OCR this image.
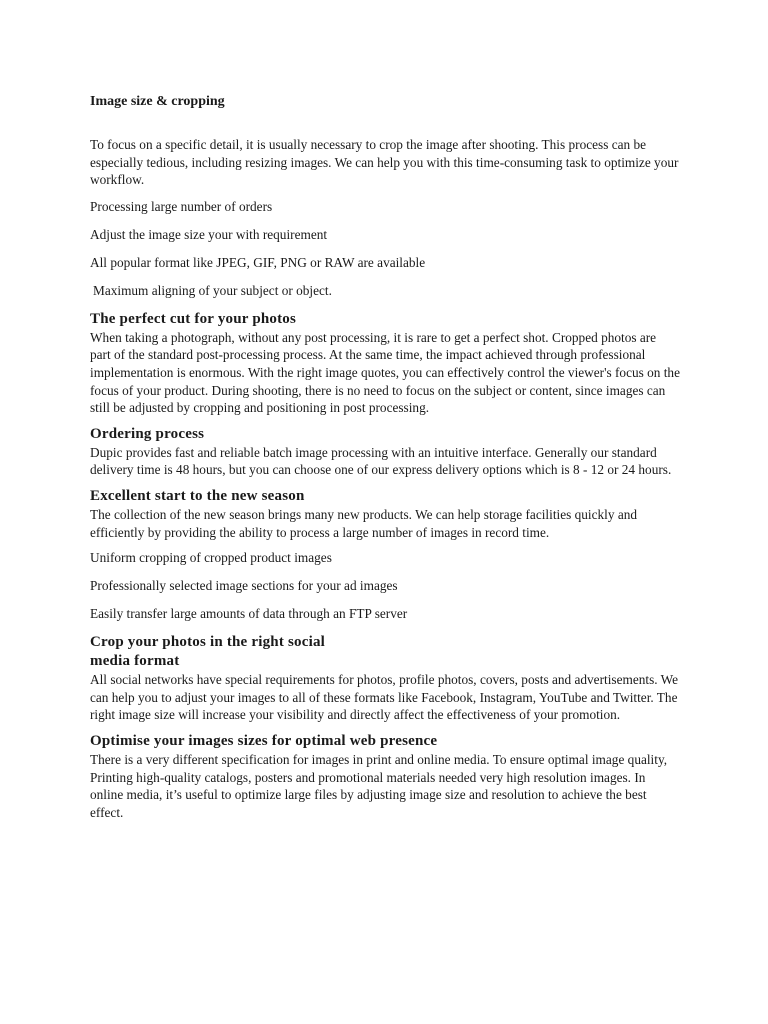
Image size & cropping
To focus on a specific detail, it is usually necessary to crop the image after shooting. This process can be especially tedious, including resizing images. We can help you with this time-consuming task to optimize your workflow.
Processing large number of orders
Adjust the image size your with requirement
All popular format like JPEG, GIF, PNG or RAW are available
Maximum aligning of your subject or object.
The perfect cut for your photos
When taking a photograph, without any post processing, it is rare to get a perfect shot. Cropped photos are part of the standard post-processing process. At the same time, the impact achieved through professional implementation is enormous. With the right image quotes, you can effectively control the viewer's focus on the focus of your product. During shooting, there is no need to focus on the subject or content, since images can still be adjusted by cropping and positioning in post processing.
Ordering process
Dupic provides fast and reliable batch image processing with an intuitive interface. Generally our standard delivery time is 48 hours, but you can choose one of our express delivery options which is 8 - 12 or 24 hours.
Excellent start to the new season
The collection of the new season brings many new products. We can help storage facilities quickly and efficiently by providing the ability to process a large number of images in record time.
Uniform cropping of cropped product images
Professionally selected image sections for your ad images
Easily transfer large amounts of data through an FTP server
Crop your photos in the right social
media format
All social networks have special requirements for photos, profile photos, covers, posts and advertisements. We can help you to adjust your images to all of these formats like Facebook, Instagram, YouTube and Twitter. The right image size will increase your visibility and directly affect the effectiveness of your promotion.
Optimise your images sizes for optimal web presence
There is a very different specification for images in print and online media. To ensure optimal image quality, Printing high-quality catalogs, posters and promotional materials needed very high resolution images. In online media, it’s useful to optimize large files by adjusting image size and resolution to achieve the best effect.
